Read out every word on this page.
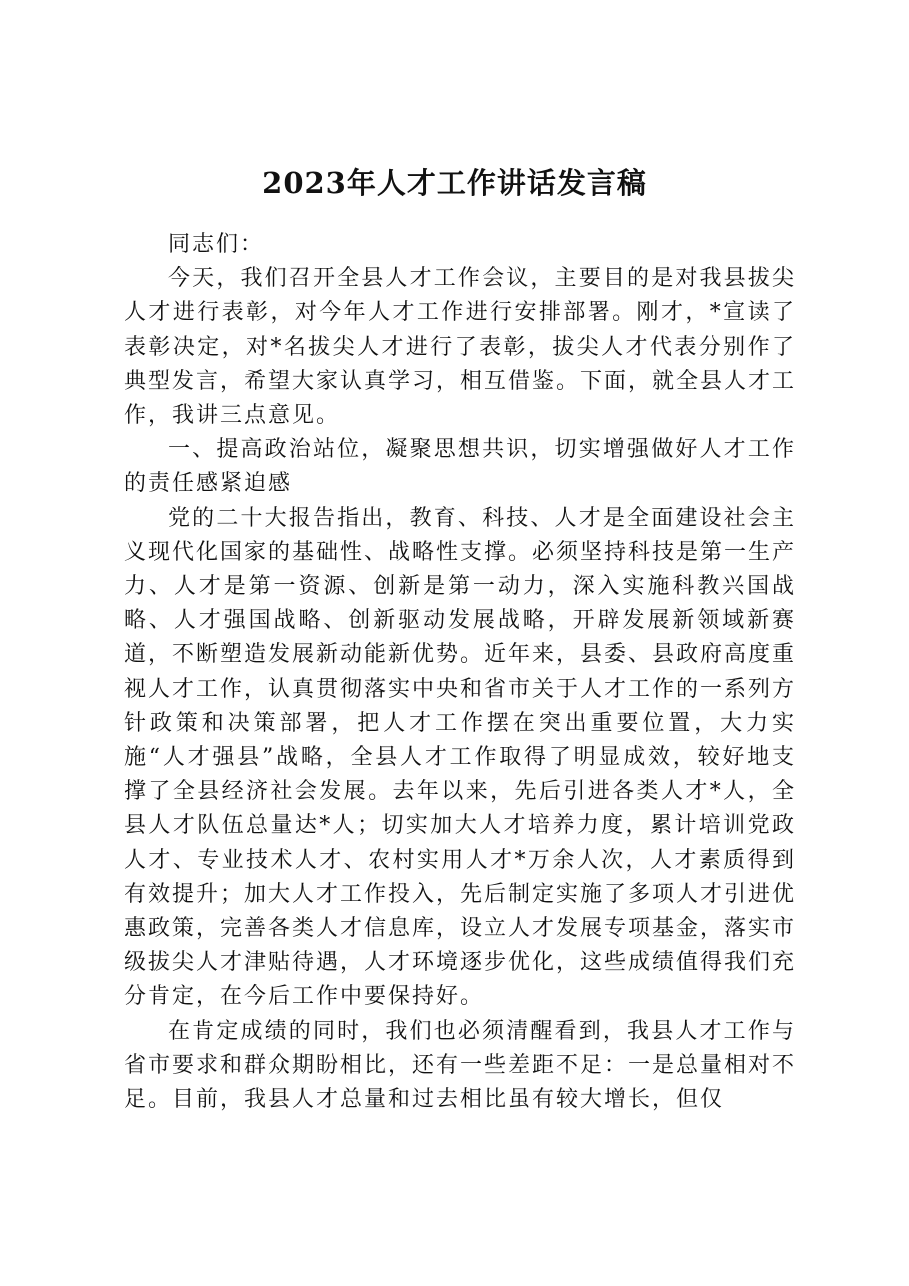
2023年人才工作讲话发言稿

同志们：

今天，我们召开全县人才工作会议，主要目的是对我县拔尖人才进行表彰，对今年人才工作进行安排部署。刚才，*宣读了表彰决定，对*名拔尖人才进行了表彰，拔尖人才代表分别作了典型发言，希望大家认真学习，相互借鉴。下面，就全县人才工作，我讲三点意见。

一、提高政治站位，凝聚思想共识，切实增强做好人才工作的责任感紧迫感

党的二十大报告指出，教育、科技、人才是全面建设社会主义现代化国家的基础性、战略性支撑。必须坚持科技是第一生产力、人才是第一资源、创新是第一动力，深入实施科教兴国战略、人才强国战略、创新驱动发展战略，开辟发展新领域新赛道，不断塑造发展新动能新优势。近年来，县委、县政府高度重视人才工作，认真贯彻落实中央和省市关于人才工作的一系列方针政策和决策部署，把人才工作摆在突出重要位置，大力实施“人才强县”战略，全县人才工作取得了明显成效，较好地支撑了全县经济社会发展。去年以来，先后引进各类人才*人，全县人才队伍总量达*人；切实加大人才培养力度，累计培训党政人才、专业技术人才、农村实用人才*万余人次，人才素质得到有效提升；加大人才工作投入，先后制定实施了多项人才引进优惠政策，完善各类人才信息库，设立人才发展专项基金，落实市级拔尖人才津贴待遇，人才环境逐步优化，这些成绩值得我们充分肯定，在今后工作中要保持好。

在肯定成绩的同时，我们也必须清醒看到，我县人才工作与省市要求和群众期盼相比，还有一些差距不足：一是总量相对不足。目前，我县人才总量和过去相比虽有较大增长，但仅
